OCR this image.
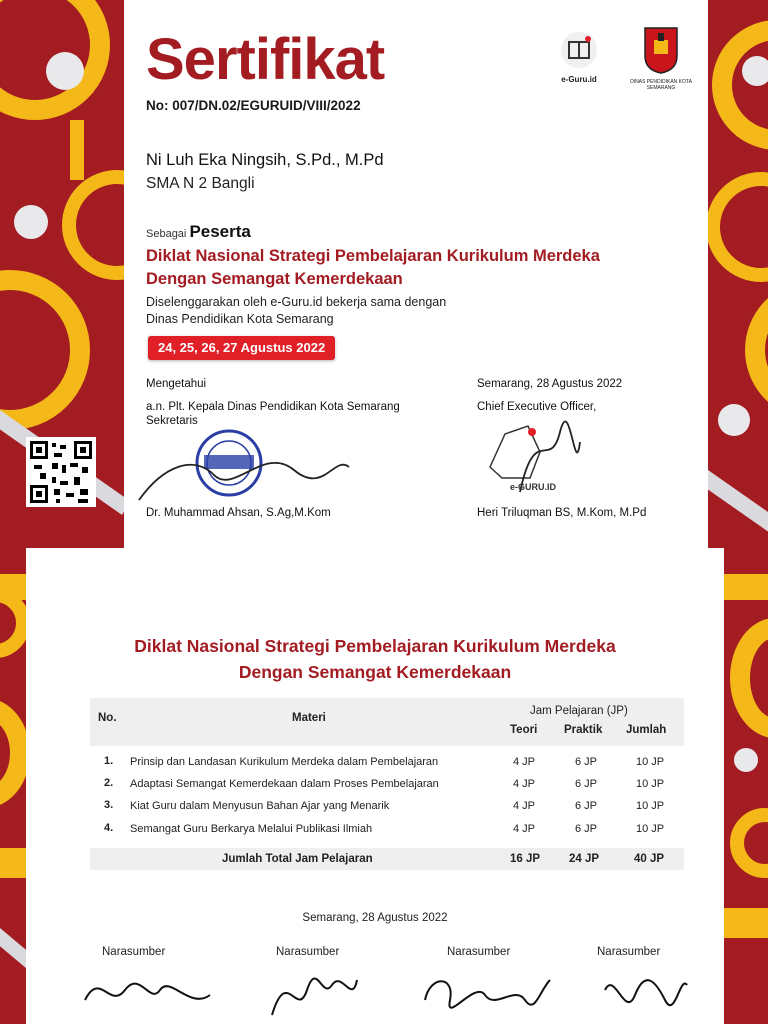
Sertifikat
No: 007/DN.02/EGURUID/VIII/2022
e-Guru.id	DINAS PENDIDIKAN KOTA SEMARANG
Ni Luh Eka Ningsih, S.Pd., M.Pd
SMA N 2 Bangli
Sebagai Peserta
Diklat Nasional Strategi Pembelajaran Kurikulum Merdeka
Dengan Semangat Kemerdekaan
Diselenggarakan oleh e-Guru.id bekerja sama dengan
Dinas Pendidikan Kota Semarang
24, 25, 26, 27 Agustus 2022
Mengetahui
a.n. Plt. Kepala Dinas Pendidikan Kota Semarang
Sekretaris
Dr. Muhammad Ahsan, S.Ag,M.Kom
Semarang, 28 Agustus 2022
Chief Executive Officer,
e-GURU.ID
Heri Triluqman BS, M.Kom, M.Pd
Diklat Nasional Strategi Pembelajaran Kurikulum Merdeka
Dengan Semangat Kemerdekaan
No.	Materi
Jam Pelajaran (JP)
Teori Praktik Jumlah
1. Prinsip dan Landasan Kurikulum Merdeka dalam Pembelajaran	4 JP	6 JP	10 JP
2. Adaptasi Semangat Kemerdekaan dalam Proses Pembelajaran	4 JP	6 JP	10 JP
3. Kiat Guru dalam Menyusun Bahan Ajar yang Menarik	4 JP	6 JP	10 JP
4. Semangat Guru Berkarya Melalui Publikasi Ilmiah	4 JP	6 JP	10 JP
Jumlah Total Jam Pelajaran	16 JP	24 JP	40 JP
Semarang, 28 Agustus 2022
Narasumber	Narasumber	Narasumber	Narasumber
